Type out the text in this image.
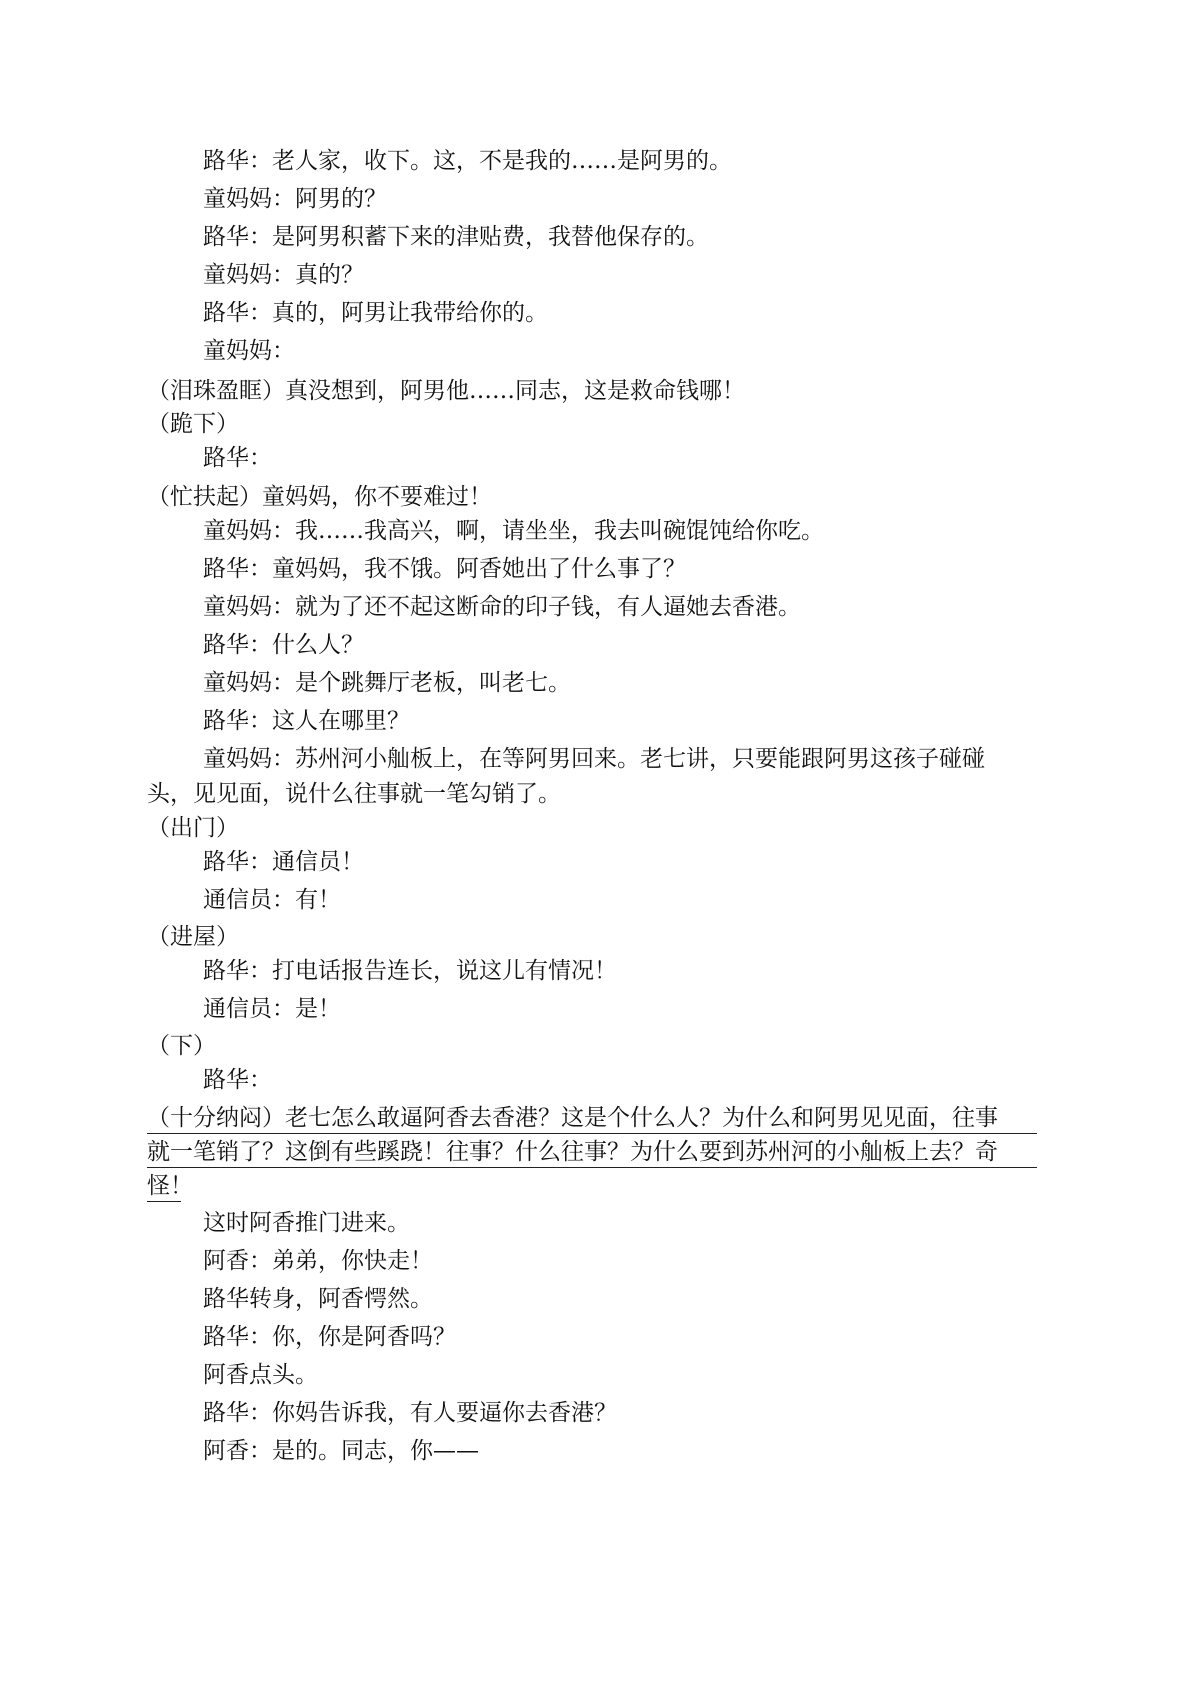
路华：老人家，收下。这，不是我的……是阿男的。
童妈妈：阿男的？
路华：是阿男积蓄下来的津贴费，我替他保存的。
童妈妈：真的？
路华：真的，阿男让我带给你的。
童妈妈：
（泪珠盈眶）真没想到，阿男他……同志，这是救命钱哪！
（跪下）
路华：
（忙扶起）童妈妈，你不要难过！
童妈妈：我……我高兴，啊，请坐坐，我去叫碗馄饨给你吃。
路华：童妈妈，我不饿。阿香她出了什么事了？
童妈妈：就为了还不起这断命的印子钱，有人逼她去香港。
路华：什么人？
童妈妈：是个跳舞厅老板，叫老七。
路华：这人在哪里？
童妈妈：苏州河小舢板上，在等阿男回来。老七讲，只要能跟阿男这孩子碰碰
头，见见面，说什么往事就一笔勾销了。
（出门）
路华：通信员！
通信员：有！
（进屋）
路华：打电话报告连长，说这儿有情况！
通信员：是！
（下）
路华：
（十分纳闷）老七怎么敢逼阿香去香港？这是个什么人？为什么和阿男见见面，往事
就一笔销了？这倒有些蹊跷！往事？什么往事？为什么要到苏州河的小舢板上去？奇
怪！
这时阿香推门进来。
阿香：弟弟，你快走！
路华转身，阿香愕然。
路华：你，你是阿香吗？
阿香点头。
路华：你妈告诉我，有人要逼你去香港？
阿香：是的。同志，你——
